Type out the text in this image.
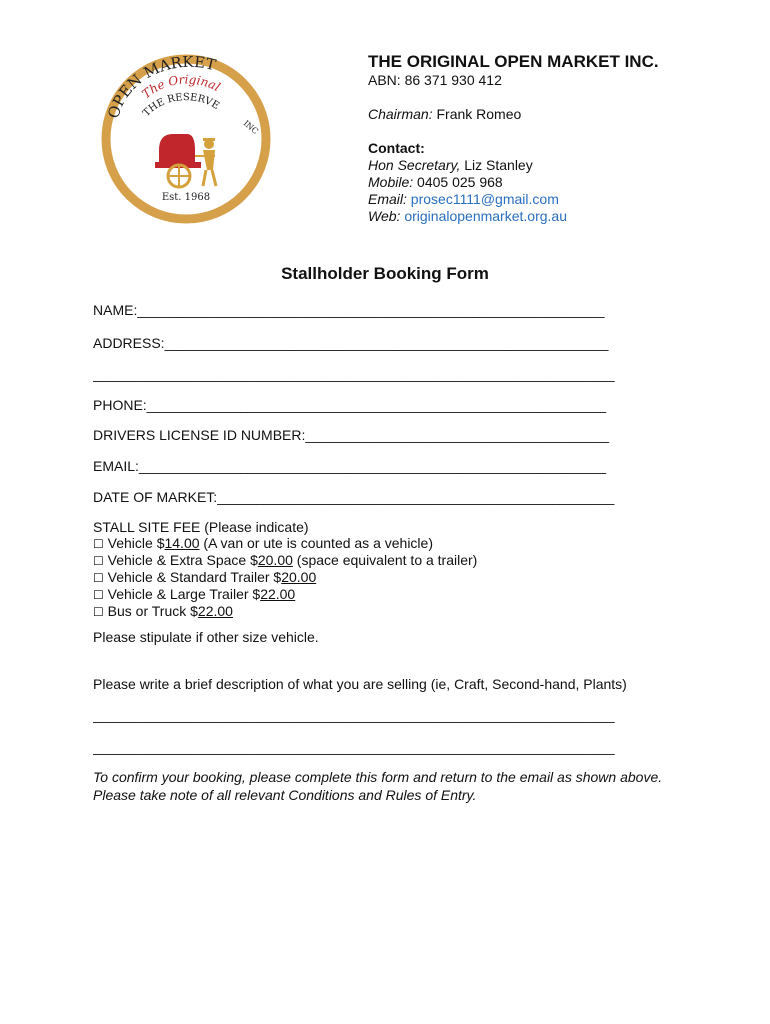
The Original
OPEN MARKET
INC
THE RESERVE
Est. 1968
THE ORIGINAL OPEN MARKET INC.
ABN: 86 371 930 412
Chairman: Frank Romeo
Contact:
Hon Secretary, Liz Stanley
Mobile: 0405 025 968
Email: prosec1111@gmail.com
Web: originalopenmarket.org.au
Stallholder Booking Form
NAME:____________________________________________________________
ADDRESS:_________________________________________________________
___________________________________________________________________
PHONE:___________________________________________________________
DRIVERS LICENSE ID NUMBER:_______________________________________
EMAIL:____________________________________________________________
DATE OF MARKET:___________________________________________________
STALL SITE FEE (Please indicate)
☐ Vehicle $14.00 (A van or ute is counted as a vehicle)
☐ Vehicle & Extra Space $20.00 (space equivalent to a trailer)
☐ Vehicle & Standard Trailer $20.00
☐ Vehicle & Large Trailer $22.00
☐ Bus or Truck $22.00
Please stipulate if other size vehicle.
Please write a brief description of what you are selling (ie, Craft, Second-hand, Plants)
___________________________________________________________________
___________________________________________________________________
To confirm your booking, please complete this form and return to the email as shown above.
Please take note of all relevant Conditions and Rules of Entry.
